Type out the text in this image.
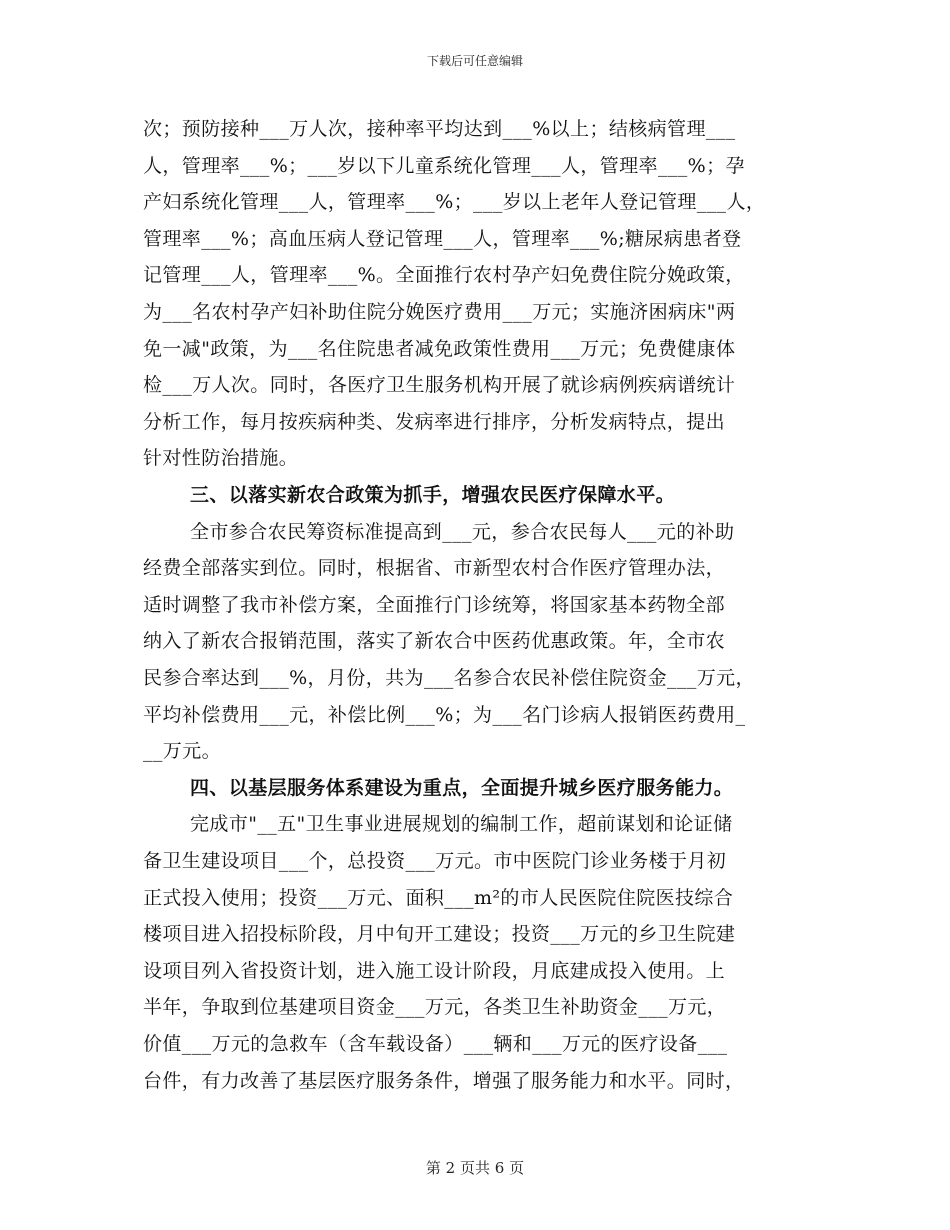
下载后可任意编辑
次；预防接种___万人次，接种率平均达到___%以上；结核病管理___
人，管理率___%；___岁以下儿童系统化管理___人，管理率___%；孕
产妇系统化管理___人，管理率___%；___岁以上老年人登记管理___人，
管理率___%；高血压病人登记管理___人，管理率___%;糖尿病患者登
记管理___人，管理率___%。全面推行农村孕产妇免费住院分娩政策，
为___名农村孕产妇补助住院分娩医疗费用___万元；实施济困病床"两
免一减"政策，为___名住院患者减免政策性费用___万元；免费健康体
检___万人次。同时，各医疗卫生服务机构开展了就诊病例疾病谱统计
分析工作，每月按疾病种类、发病率进行排序，分析发病特点，提出
针对性防治措施。
三、以落实新农合政策为抓手，增强农民医疗保障水平。
全市参合农民筹资标准提高到___元，参合农民每人___元的补助
经费全部落实到位。同时，根据省、市新型农村合作医疗管理办法，
适时调整了我市补偿方案，全面推行门诊统筹，将国家基本药物全部
纳入了新农合报销范围，落实了新农合中医药优惠政策。年，全市农
民参合率达到___%，月份，共为___名参合农民补偿住院资金___万元，
平均补偿费用___元，补偿比例___%；为___名门诊病人报销医药费用_
__万元。
四、以基层服务体系建设为重点，全面提升城乡医疗服务能力。
完成市"__五"卫生事业进展规划的编制工作，超前谋划和论证储
备卫生建设项目___个，总投资___万元。市中医院门诊业务楼于月初
正式投入使用；投资___万元、面积___m²的市人民医院住院医技综合
楼项目进入招投标阶段，月中旬开工建设；投资___万元的乡卫生院建
设项目列入省投资计划，进入施工设计阶段，月底建成投入使用。上
半年，争取到位基建项目资金___万元，各类卫生补助资金___万元，
价值___万元的急救车（含车载设备）___辆和___万元的医疗设备___
台件，有力改善了基层医疗服务条件，增强了服务能力和水平。同时，
第 2 页共 6 页
